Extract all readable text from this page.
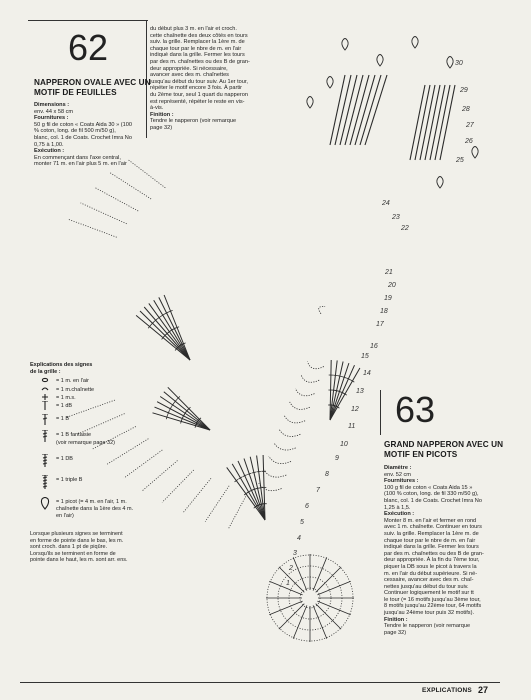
62
NAPPERON OVALE AVEC UN
MOTIF DE FEUILLES
Dimensions :
env. 44 x 58 cm
Fournitures :
50 g fil de coton « Coats Aida 30 » (100
% coton, long. de fil 500 m/50 g),
blanc, col. 1 de Coats. Crochet Imra No
0,75 à 1,00.
Exécution :
En commençant dans l'axe central,
monter 71 m. en l'air plus 5 m. en l'air
du début plus 3 m. en l'air et croch.
cette chaînette des deux côtés en tours
suiv. la grille. Remplacer la 1ère m. de
chaque tour par le nbre de m. en l'air
indiqué dans la grille. Fermer les tours
par des m. chaînettes ou des B de gran-
deur appropriée. Si nécessaire,
avancer avec des m. chaînettes
jusqu'au début du tour suiv. Au 1er tour,
répéter le motif encore 3 fois. À partir
du 2ème tour, seul 1 quart du napperon
est représenté, répéter le reste en vis-
à-vis.
Finition :
Tendre le napperon (voir remarque
page 32)
Explications des signes
de la grille :
= 1 m. en l'air
= 1 m.chaînette
= 1 m.s.
= 1 dB
= 1 B
= 1 B fantaisie
(voir remarque page 32)
= 1 DB
= 1 triple B
= 1 picot (= 4 m. en l'air, 1 m.
chaînette dans la 1ère des 4 m.
en l'air)
Lorsque plusieurs signes se terminent
en forme de pointe dans le bas, les m.
sont croch. dans 1 pt de piqûre.
Lorsqu'ils se terminent en forme de
pointe dans le haut, les m. sont arr. ens.
63
GRAND NAPPERON AVEC UN
MOTIF EN PICOTS
Diamètre :
env. 52 cm
Fournitures :
100 g fil de coton « Coats Aida 15 »
(100 % coton, long. de fil 330 m/50 g),
blanc, col. 1 de Coats. Crochet Imra No
1,25 à 1,5.
Exécution :
Monter 8 m. en l'air et fermer en rond
avec 1 m. chaînette. Continuer en tours
suiv. la grille. Remplacer la 1ère m. de
chaque tour par le nbre de m. en l'air
indiqué dans la grille. Fermer les tours
par des m. chaînettes ou des B de gran-
deur appropriée. À la fin du 7ème tour,
piquer la DB sous le picot à travers la
m. en l'air du début supérieure. Si né-
cessaire, avancer avec des m. chaî-
nettes jusqu'au début du tour suiv.
Continuer logiquement le motif sur tt
le tour (= 16 motifs jusqu'au 3ème tour,
8 motifs jusqu'au 22ème tour, 64 motifs
jusqu'au 24ème tour puis 32 motifs).
Finition :
Tendre le napperon (voir remarque
page 32)
30
29
28
27
26
25
24
23
22
21
20
19
18
17
16
15
14
13
12
11
10
9
8
7
6
5
4
3
2
1
EXPLICATIONS 27
